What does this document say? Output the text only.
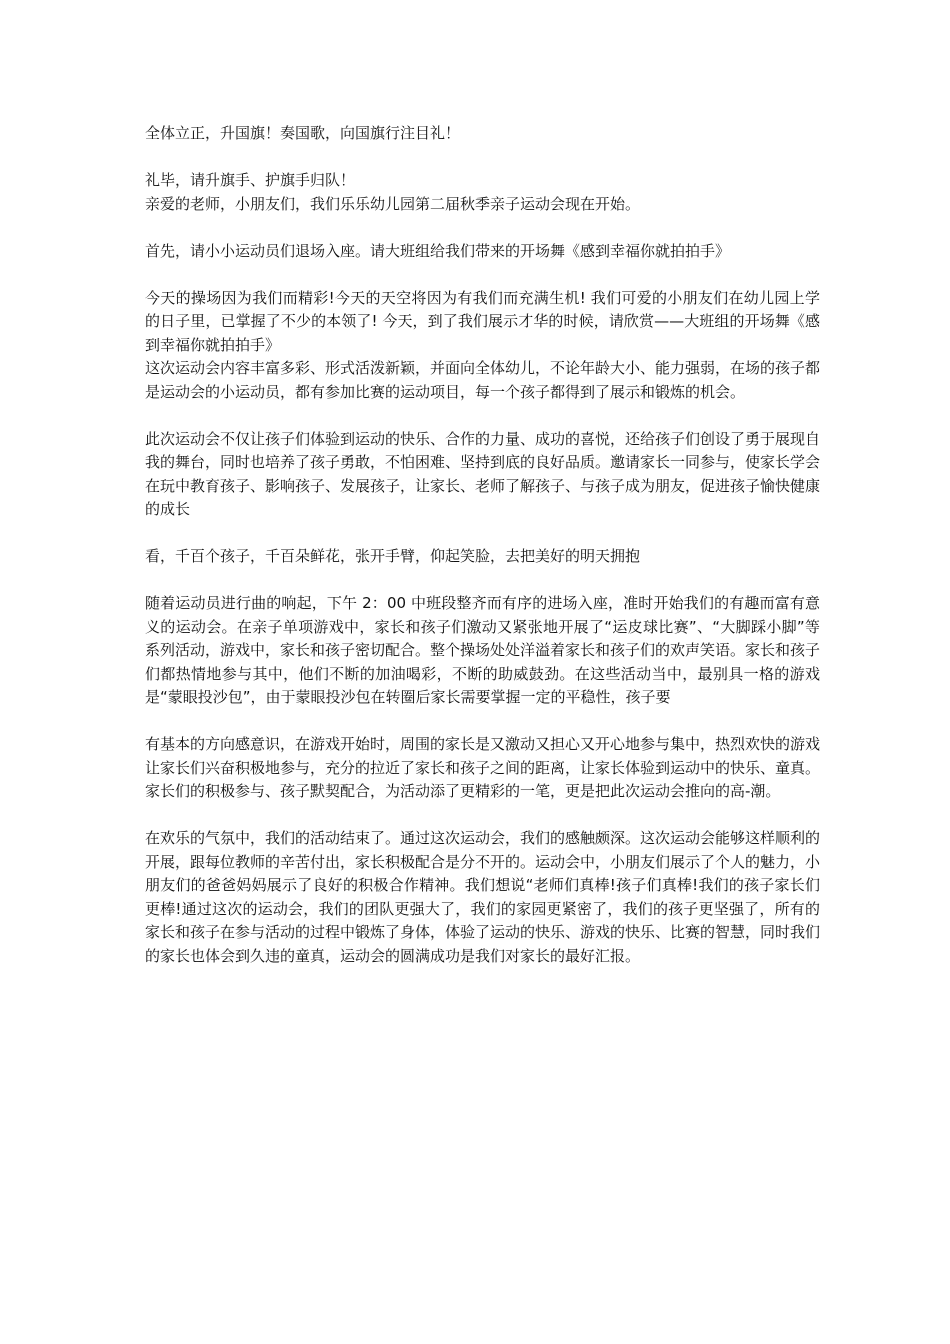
全体立正，升国旗！奏国歌，向国旗行注目礼！

礼毕，请升旗手、护旗手归队！

亲爱的老师，小朋友们，我们乐乐幼儿园第二届秋季亲子运动会现在开始。

首先，请小小运动员们退场入座。请大班组给我们带来的开场舞《感到幸福你就拍拍手》

今天的操场因为我们而精彩!今天的天空将因为有我们而充满生机! 我们可爱的小朋友们在幼儿园上学的日子里，已掌握了不少的本领了! 今天，到了我们展示才华的时候，请欣赏——大班组的开场舞《感到幸福你就拍拍手》

这次运动会内容丰富多彩、形式活泼新颖，并面向全体幼儿，不论年龄大小、能力强弱，在场的孩子都是运动会的小运动员，都有参加比赛的运动项目，每一个孩子都得到了展示和锻炼的机会。

此次运动会不仅让孩子们体验到运动的快乐、合作的力量、成功的喜悦，还给孩子们创设了勇于展现自我的舞台，同时也培养了孩子勇敢，不怕困难、坚持到底的良好品质。邀请家长一同参与，使家长学会在玩中教育孩子、影响孩子、发展孩子，让家长、老师了解孩子、与孩子成为朋友，促进孩子愉快健康的成长

看，千百个孩子，千百朵鲜花，张开手臂，仰起笑脸，去把美好的明天拥抱

随着运动员进行曲的响起，下午 2：00 中班段整齐而有序的进场入座，准时开始我们的有趣而富有意义的运动会。在亲子单项游戏中，家长和孩子们激动又紧张地开展了“运皮球比赛”、“大脚踩小脚”等系列活动，游戏中，家长和孩子密切配合。整个操场处处洋溢着家长和孩子们的欢声笑语。家长和孩子们都热情地参与其中，他们不断的加油喝彩，不断的助威鼓劲。在这些活动当中，最别具一格的游戏是“蒙眼投沙包”，由于蒙眼投沙包在转圈后家长需要掌握一定的平稳性，孩子要

有基本的方向感意识，在游戏开始时，周围的家长是又激动又担心又开心地参与集中，热烈欢快的游戏让家长们兴奋积极地参与，充分的拉近了家长和孩子之间的距离，让家长体验到运动中的快乐、童真。家长们的积极参与、孩子默契配合，为活动添了更精彩的一笔，更是把此次运动会推向的高-潮。

在欢乐的气氛中，我们的活动结束了。通过这次运动会，我们的感触颇深。这次运动会能够这样顺利的开展，跟每位教师的辛苦付出，家长积极配合是分不开的。运动会中，小朋友们展示了个人的魅力，小朋友们的爸爸妈妈展示了良好的积极合作精神。我们想说“老师们真棒!孩子们真棒!我们的孩子家长们更棒!通过这次的运动会，我们的团队更强大了，我们的家园更紧密了，我们的孩子更坚强了，所有的家长和孩子在参与活动的过程中锻炼了身体，体验了运动的快乐、游戏的快乐、比赛的智慧，同时我们的家长也体会到久违的童真，运动会的圆满成功是我们对家长的最好汇报。
